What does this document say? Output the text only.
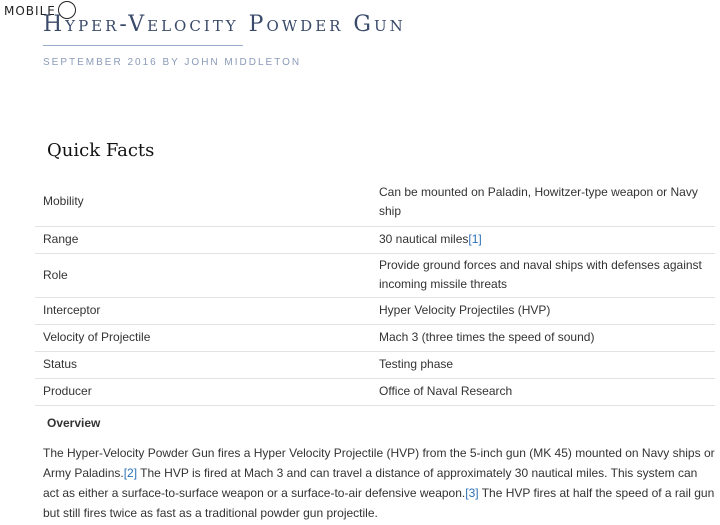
MOBILE
Hyper-Velocity Powder Gun
SEPTEMBER 2016 BY JOHN MIDDLETON
Quick Facts
Mobility	Can be mounted on Paladin, Howitzer-type weapon or Navy ship
Range	30 nautical miles[1]
Role	Provide ground forces and naval ships with defenses against incoming missile threats
Interceptor	Hyper Velocity Projectiles (HVP)
Velocity of Projectile	Mach 3 (three times the speed of sound)
Status	Testing phase
Producer	Office of Naval Research
Overview

The Hyper-Velocity Powder Gun fires a Hyper Velocity Projectile (HVP) from the 5-inch gun (MK 45) mounted on Navy ships or Army Paladins.[2] The HVP is fired at Mach 3 and can travel a distance of approximately 30 nautical miles. This system can act as either a surface-to-surface weapon or a surface-to-air defensive weapon.[3] The HVP fires at half the speed of a rail gun but still fires twice as fast as a traditional powder gun projectile.
